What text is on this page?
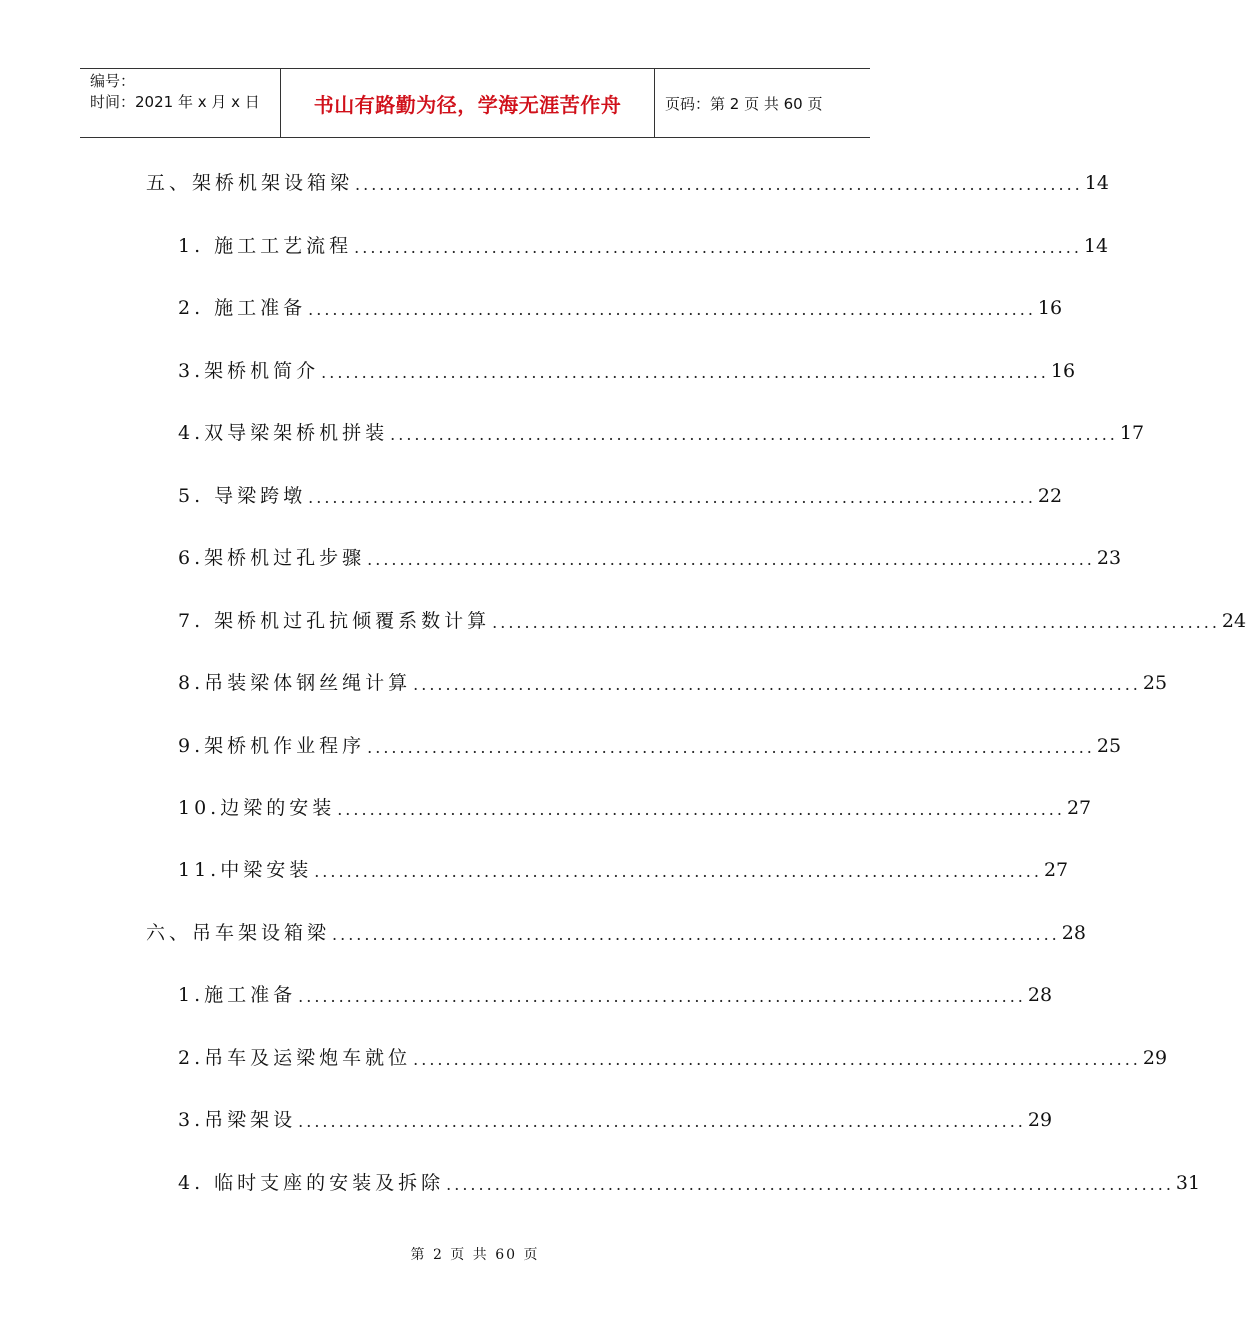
编号：
时间：2021 年 x 月 x 日	书山有路勤为径，学海无涯苦作舟	页码：第 2 页 共 60 页
五、架桥机架设箱梁 .......................................................................................... 14
1. 施工工艺流程 .......................................................................................... 14
2. 施工准备 .......................................................................................... 16
3.架桥机简介 .......................................................................................... 16
4.双导梁架桥机拼装 .......................................................................................... 17
5. 导梁跨墩 .......................................................................................... 22
6.架桥机过孔步骤 .......................................................................................... 23
7. 架桥机过孔抗倾覆系数计算 .......................................................................................... 24
8.吊装梁体钢丝绳计算 .......................................................................................... 25
9.架桥机作业程序 .......................................................................................... 25
10.边梁的安装 .......................................................................................... 27
11.中梁安装 .......................................................................................... 27
六、吊车架设箱梁 .......................................................................................... 28
1.施工准备 .......................................................................................... 28
2.吊车及运梁炮车就位 .......................................................................................... 29
3.吊梁架设 .......................................................................................... 29
4. 临时支座的安装及拆除 .......................................................................................... 31
第 2 页 共 60 页
